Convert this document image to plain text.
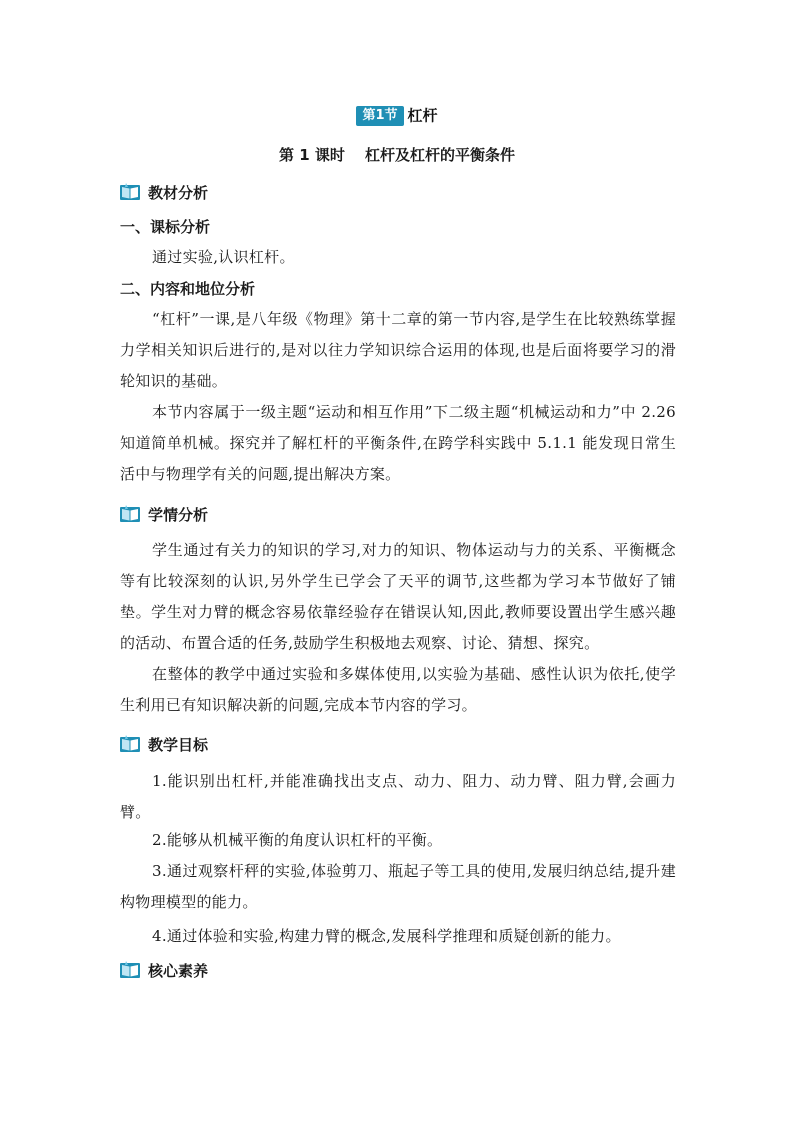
第1节 杠杆
第 1 课时 杠杆及杠杆的平衡条件
教材分析
一、课标分析

通过实验,认识杠杆。

二、内容和地位分析

“杠杆”一课,是八年级《物理》第十二章的第一节内容,是学生在比较熟练掌握力学相关知识后进行的,是对以往力学知识综合运用的体现,也是后面将要学习的滑轮知识的基础。

本节内容属于一级主题“运动和相互作用”下二级主题“机械运动和力”中 2.26 知道简单机械。探究并了解杠杆的平衡条件,在跨学科实践中 5.1.1 能发现日常生活中与物理学有关的问题,提出解决方案。

学情分析

学生通过有关力的知识的学习,对力的知识、物体运动与力的关系、平衡概念等有比较深刻的认识,另外学生已学会了天平的调节,这些都为学习本节做好了铺垫。学生对力臂的概念容易依靠经验存在错误认知,因此,教师要设置出学生感兴趣的活动、布置合适的任务,鼓励学生积极地去观察、讨论、猜想、探究。

在整体的教学中通过实验和多媒体使用,以实验为基础、感性认识为依托,使学生利用已有知识解决新的问题,完成本节内容的学习。

教学目标

1.能识别出杠杆,并能准确找出支点、动力、阻力、动力臂、阻力臂,会画力臂。

2.能够从机械平衡的角度认识杠杆的平衡。

3.通过观察杆秤的实验,体验剪刀、瓶起子等工具的使用,发展归纳总结,提升建构物理模型的能力。

4.通过体验和实验,构建力臂的概念,发展科学推理和质疑创新的能力。

核心素养
